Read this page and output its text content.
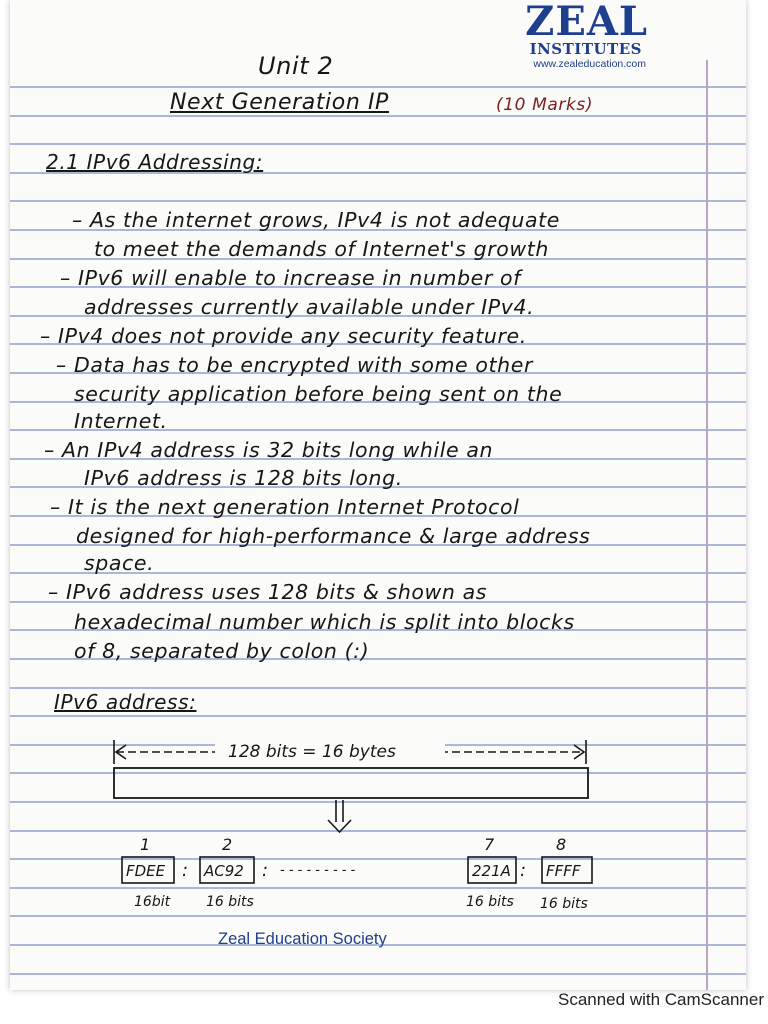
ZEAL
INSTITUTES
www.zealeducation.com
Unit 2
Next Generation IP	(10 Marks)
2.1 IPv6 Addressing:
– As the internet grows, IPv4 is not adequate
to meet the demands of Internet's growth
– IPv6 will enable to increase in number of
addresses currently available under IPv4.
– IPv4 does not provide any security feature.
– Data has to be encrypted with some other
security application before being sent on the
Internet.
– An IPv4 address is 32 bits long while an
IPv6 address is 128 bits long.
– It is the next generation Internet Protocol
designed for high-performance & large address
space.
– IPv6 address uses 128 bits & shown as
hexadecimal number which is split into blocks
of 8, separated by colon (:)
IPv6 address:
128 bits = 16 bytes
1	2	7	8
FDEE : AC92 : - - - - - - - - -	221A : FFFF
16bit	16 bits	16 bits 16 bits
Zeal Education Society
Scanned with CamScanner
